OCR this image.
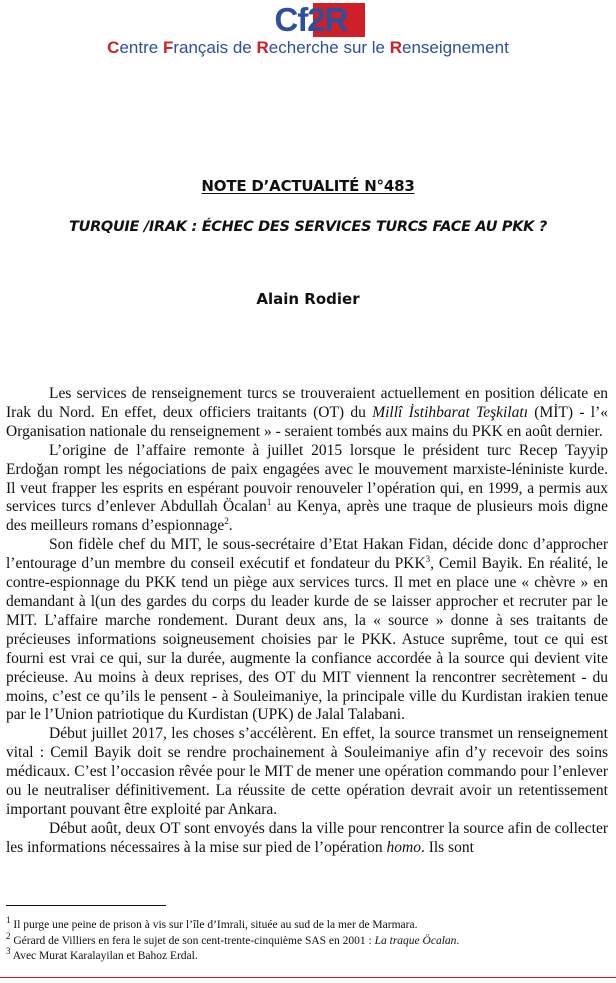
Cf2R
Centre Français de Recherche sur le Renseignement
NOTE D’ACTUALITÉ N°483
TURQUIE /IRAK : ÉCHEC DES SERVICES TURCS FACE AU PKK ?
Alain Rodier

Les services de renseignement turcs se trouveraient actuellement en position délicate en Irak du Nord. En effet, deux officiers traitants (OT) du Millî İstihbarat Teşkilatı (MİT) - l’« Organisation nationale du renseignement » - seraient tombés aux mains du PKK en août dernier.

L’origine de l’affaire remonte à juillet 2015 lorsque le président turc Recep Tayyip Erdoğan rompt les négociations de paix engagées avec le mouvement marxiste-léniniste kurde. Il veut frapper les esprits en espérant pouvoir renouveler l’opération qui, en 1999, a permis aux services turcs d’enlever Abdullah Öcalan$^1$ au Kenya, après une traque de plusieurs mois digne des meilleurs romans d’espionnage$^2$.

Son fidèle chef du MIT, le sous-secrétaire d’Etat Hakan Fidan, décide donc d’approcher l’entourage d’un membre du conseil exécutif et fondateur du PKK$^3$, Cemil Bayik. En réalité, le contre-espionnage du PKK tend un piège aux services turcs. Il met en place une « chèvre » en demandant à l(un des gardes du corps du leader kurde de se laisser approcher et recruter par le MIT. L’affaire marche rondement. Durant deux ans, la « source » donne à ses traitants de précieuses informations soigneusement choisies par le PKK. Astuce suprême, tout ce qui est fourni est vrai ce qui, sur la durée, augmente la confiance accordée à la source qui devient vite précieuse. Au moins à deux reprises, des OT du MIT viennent la rencontrer secrètement - du moins, c’est ce qu’ils le pensent - à Souleimaniye, la principale ville du Kurdistan irakien tenue par le l’Union patriotique du Kurdistan (UPK) de Jalal Talabani.

Début juillet 2017, les choses s’accélèrent. En effet, la source transmet un renseignement vital : Cemil Bayik doit se rendre prochainement à Souleimaniye afin d’y recevoir des soins médicaux. C’est l’occasion rêvée pour le MIT de mener une opération commando pour l’enlever ou le neutraliser définitivement. La réussite de cette opération devrait avoir un retentissement important pouvant être exploité par Ankara.

Début août, deux OT sont envoyés dans la ville pour rencontrer la source afin de collecter les informations nécessaires à la mise sur pied de l’opération homo. Ils sont

$^1$ Il purge une peine de prison à vis sur l’île d’Imrali, située au sud de la mer de Marmara.
$^2$ Gérard de Villiers en fera le sujet de son cent-trente-cinquième SAS en 2001 : La traque Öcalan.
$^3$ Avec Murat Karalayilan et Bahoz Erdal.
